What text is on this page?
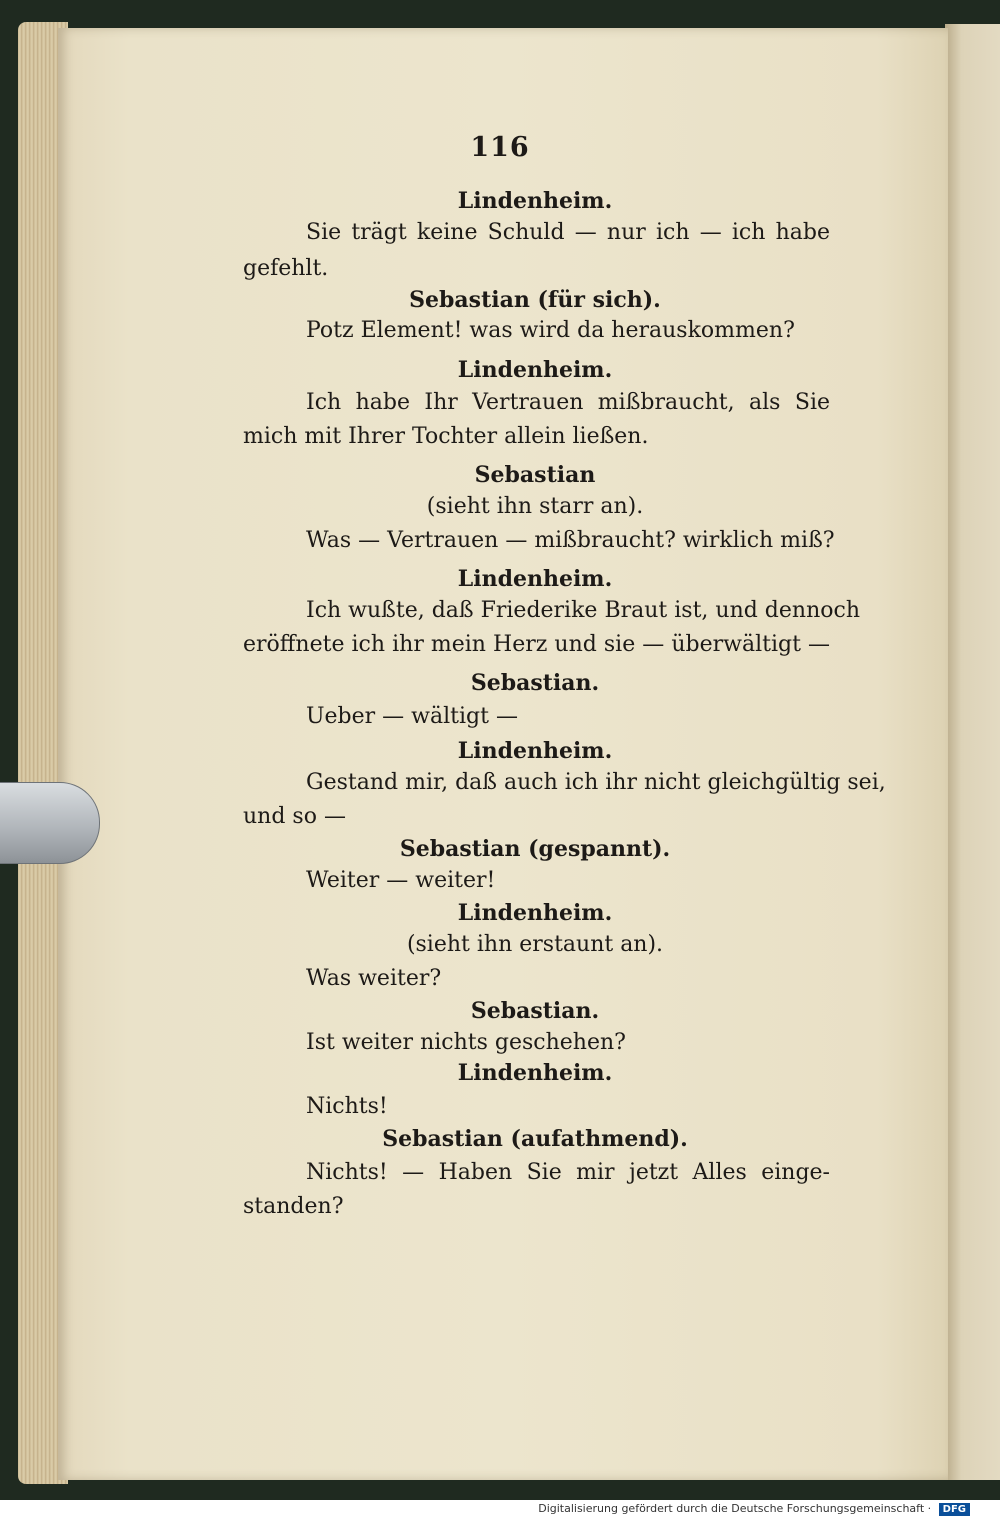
116
Lindenheim.
Sie trägt keine Schuld — nur ich — ich habe
gefehlt.
Sebastian (für sich).
Potz Element! was wird da herauskommen?
Lindenheim.
Ich habe Ihr Vertrauen mißbraucht, als Sie
mich mit Ihrer Tochter allein ließen.
Sebastian
(sieht ihn starr an).
Was — Vertrauen — mißbraucht? wirklich miß?
Lindenheim.
Ich wußte, daß Friederike Braut ist, und dennoch
eröffnete ich ihr mein Herz und sie — überwältigt —
Sebastian.
Ueber — wältigt —
Lindenheim.
Gestand mir, daß auch ich ihr nicht gleichgültig sei,
und so —
Sebastian (gespannt).
Weiter — weiter!
Lindenheim.
(sieht ihn erstaunt an).
Was weiter?
Sebastian.
Ist weiter nichts geschehen?
Lindenheim.
Nichts!
Sebastian (aufathmend).
Nichts! — Haben Sie mir jetzt Alles einge-
standen?
Digitalisierung gefördert durch die Deutsche Forschungsgemeinschaft · DFG
